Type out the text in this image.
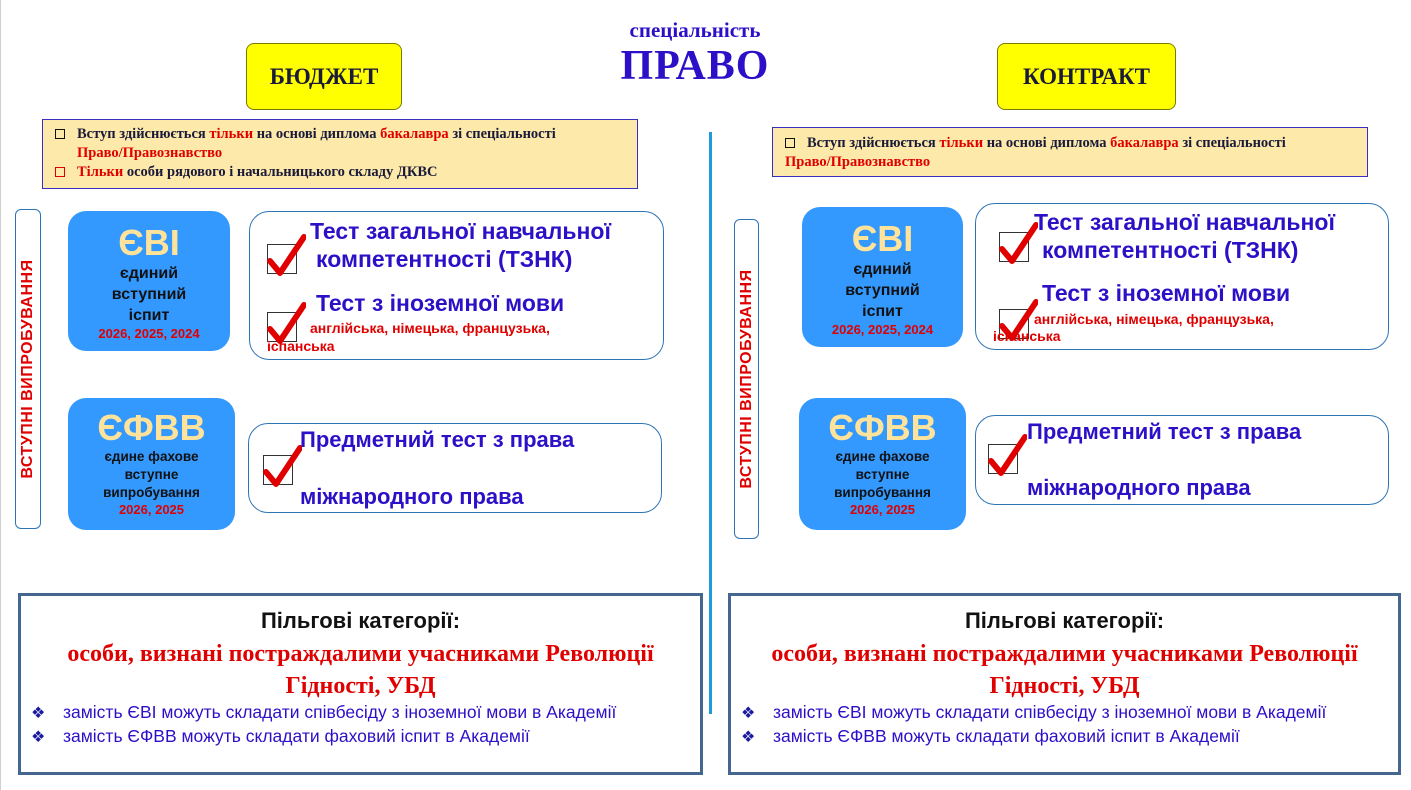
спеціальність
ПРАВО
БЮДЖЕТ
Вступ здійснюється тільки на основі диплома бакалавра зі спеціальності
Право/Правознавство
Тільки особи рядового і начальницького складу ДКВС
ВСТУПНІ ВИПРОБУВАННЯ
ЄВІ
єдиний
вступний
іспит
2026, 2025, 2024
Тест загальної навчальної
компетентності (ТЗНК)
Тест з іноземної мови
англійська, німецька, французька,
іспанська
ЄФВВ
єдине фахове
вступне
випробування
2026, 2025
Предметний тест з права
міжнародного права
Пільгові категорії:
особи, визнані постраждалими учасниками Революції
Гідності, УБД
❖	замість ЄВІ можуть складати співбесіду з іноземної мови в Академії
❖	замість ЄФВВ можуть складати фаховий іспит в Академії
КОНТРАКТ
Вступ здійснюється тільки на основі диплома бакалавра зі спеціальності
Право/Правознавство
ВСТУПНІ ВИПРОБУВАННЯ
ЄВІ
єдиний
вступний
іспит
2026, 2025, 2024
Тест загальної навчальної
компетентності (ТЗНК)
Тест з іноземної мови
англійська, німецька, французька,
іспанська
ЄФВВ
єдине фахове
вступне
випробування
2026, 2025
Предметний тест з права
міжнародного права
Пільгові категорії:
особи, визнані постраждалими учасниками Революції
Гідності, УБД
❖	замість ЄВІ можуть складати співбесіду з іноземної мови в Академії
❖	замість ЄФВВ можуть складати фаховий іспит в Академії
